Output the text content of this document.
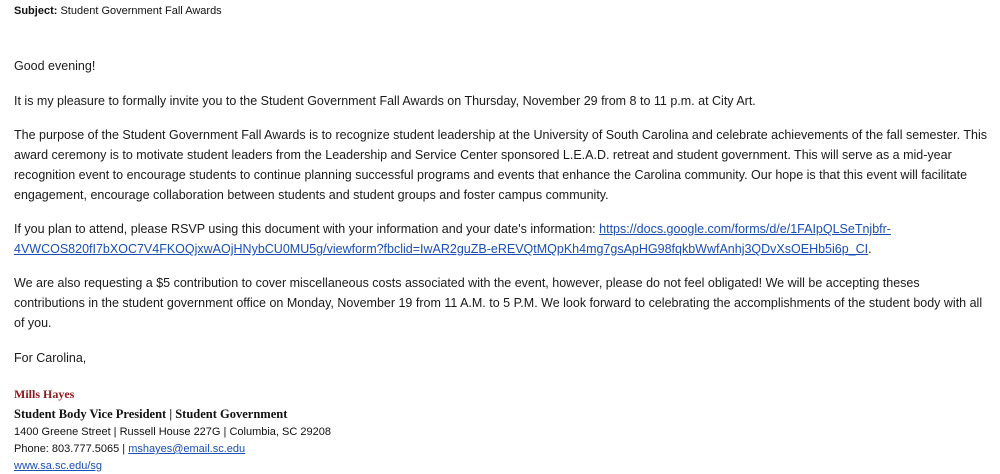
Subject: Student Government Fall Awards

Good evening!

It is my pleasure to formally invite you to the Student Government Fall Awards on Thursday, November 29 from 8 to 11 p.m. at City Art.

The purpose of the Student Government Fall Awards is to recognize student leadership at the University of South Carolina and celebrate achievements of the fall semester. This award ceremony is to motivate student leaders from the Leadership and Service Center sponsored L.E.A.D. retreat and student government. This will serve as a mid-year recognition event to encourage students to continue planning successful programs and events that enhance the Carolina community. Our hope is that this event will facilitate engagement, encourage collaboration between students and student groups and foster campus community.

If you plan to attend, please RSVP using this document with your information and your date's information: https://docs.google.com/forms/d/e/1FAIpQLSeTnjbfr-4VWCOS820fI7bXOC7V4FKOQjxwAOjHNybCU0MU5g/viewform?fbclid=IwAR2guZB-eREVQtMQpKh4mg7gsApHG98fqkbWwfAnhj3QDvXsOEHb5i6p_CI.

We are also requesting a $5 contribution to cover miscellaneous costs associated with the event, however, please do not feel obligated! We will be accepting theses contributions in the student government office on Monday, November 19 from 11 A.M. to 5 P.M. We look forward to celebrating the accomplishments of the student body with all of you.

For Carolina,

Mills Hayes
Student Body Vice President | Student Government
1400 Greene Street | Russell House 227G | Columbia, SC 29208
Phone: 803.777.5065 | mshayes@email.sc.edu
www.sa.sc.edu/sg
